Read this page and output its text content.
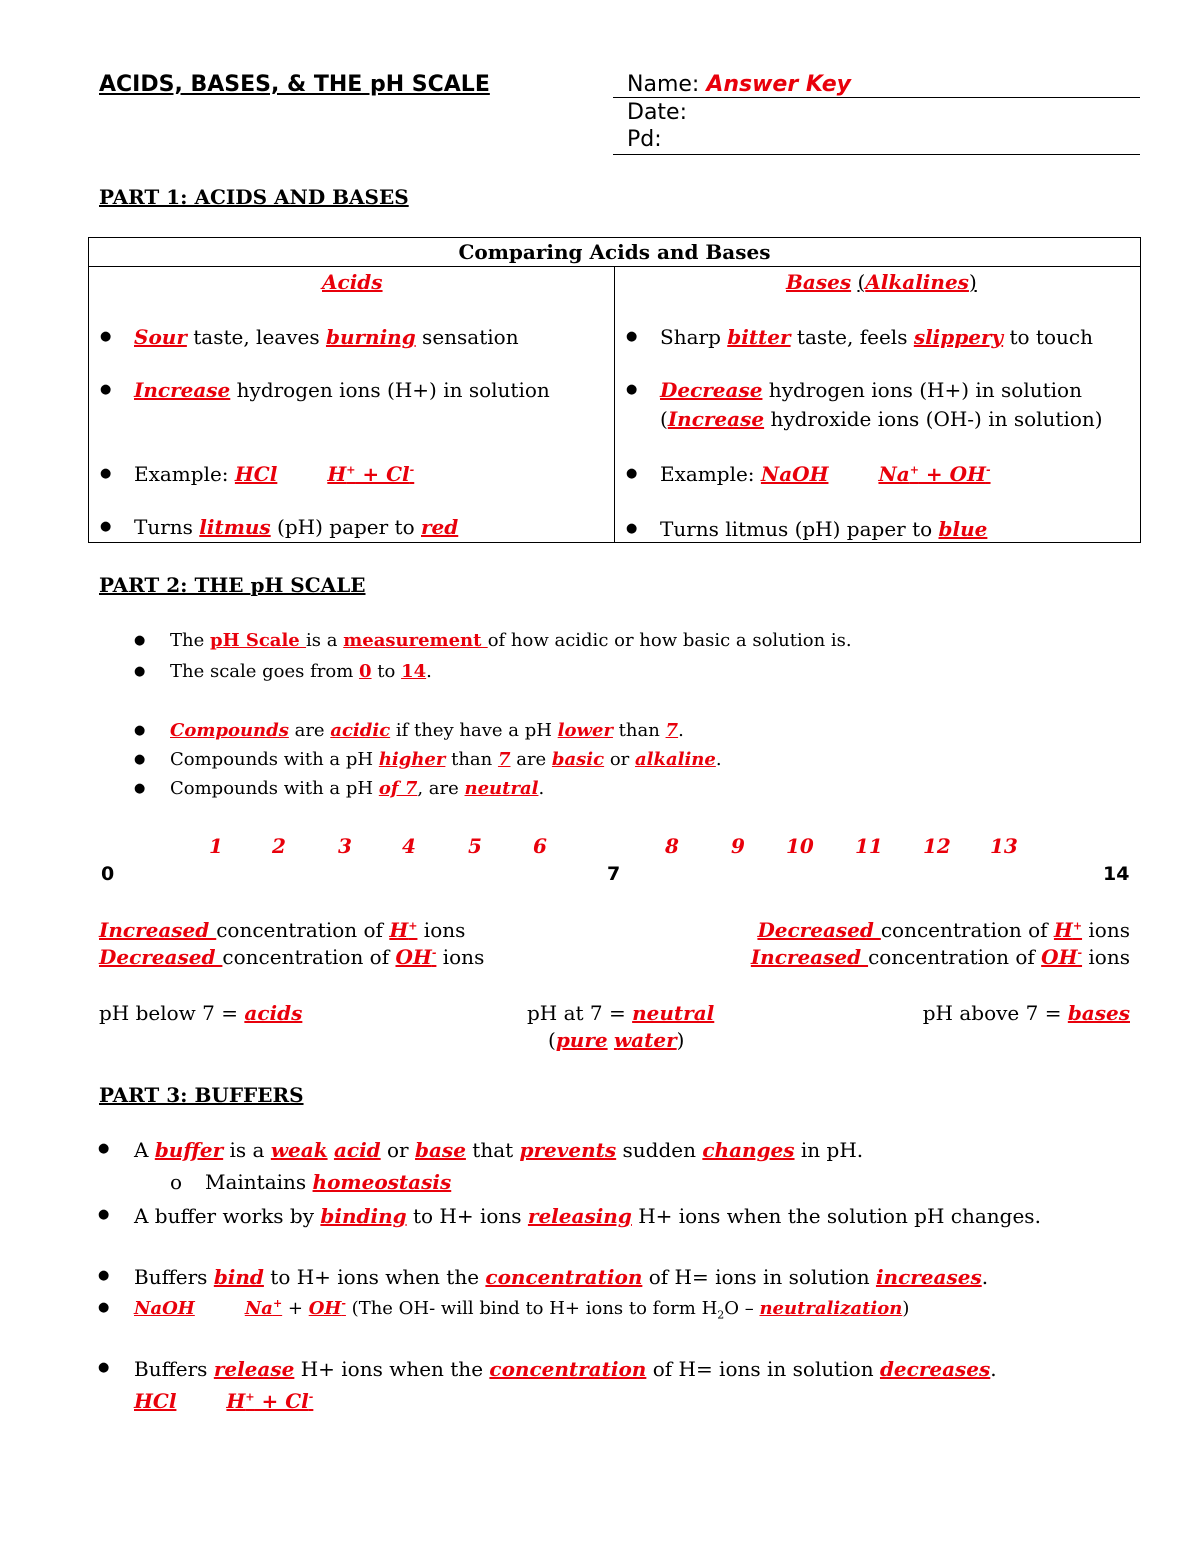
ACIDS, BASES, & THE pH SCALE	Name: Answer Key
Date:
Pd:
PART 1: ACIDS AND BASES
Comparing Acids and Bases

Acids
● Sour taste, leaves burning sensation
● Increase hydrogen ions (H+) in solution
● Example: HCl	H+ + Cl-
● Turns litmus (pH) paper to red

Bases (Alkalines)
● Sharp bitter taste, feels slippery to touch
● Decrease hydrogen ions (H+) in solution
(Increase hydroxide ions (OH-) in solution)
● Example: NaOH	Na+ + OH-
● Turns litmus (pH) paper to blue
PART 2: THE pH SCALE
● The pH Scale is a measurement of how acidic or how basic a solution is.
● The scale goes from 0 to 14.
● Compounds are acidic if they have a pH lower than 7.
● Compounds with a pH higher than 7 are basic or alkaline.
● Compounds with a pH of 7, are neutral.
1 2	3	4	5	6	8	9 10 11 12 13
0	7	14
Increased concentration of H+ ions
Decreased concentration of OH- ions
Decreased concentration of H+ ions
Increased concentration of OH- ions
pH below 7 = acids	pH at 7 = neutral
(pure water)
pH above 7 = bases
PART 3: BUFFERS
● A buffer is a weak acid or base that prevents sudden changes in pH.
o Maintains homeostasis
● A buffer works by binding to H+ ions releasing H+ ions when the solution pH changes.
● Buffers bind to H+ ions when the concentration of H= ions in solution increases.
● NaOH	Na+ + OH- (The OH- will bind to H+ ions to form $H_2O$ – neutralization)
● Buffers release H+ ions when the concentration of H= ions in solution decreases.
HCl	H+ + Cl-
